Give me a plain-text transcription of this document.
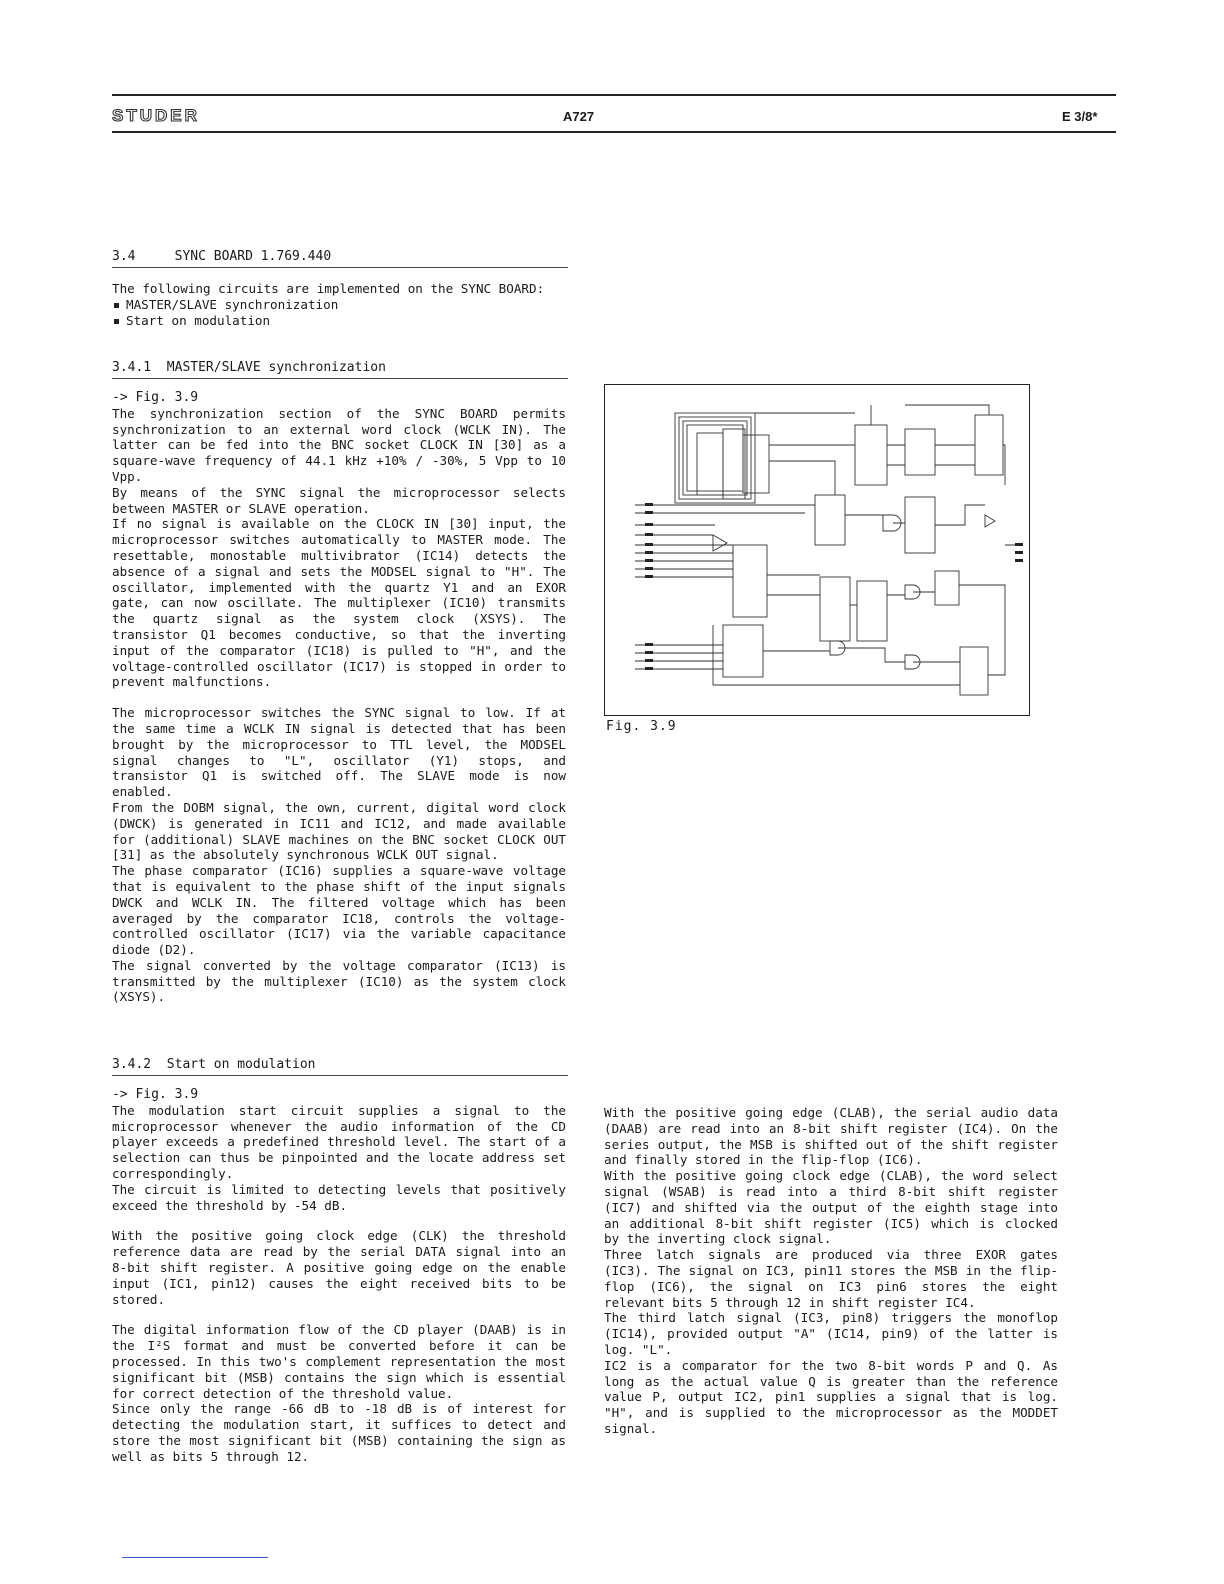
STUDER	A727	E 3/8*
3.4	SYNC BOARD 1.769.440

The following circuits are implemented on the SYNC BOARD:

MASTER/SLAVE synchronization
Start on modulation
3.4.1  MASTER/SLAVE synchronization
-> Fig. 3.9

The synchronization section of the SYNC BOARD permits synchronization to an external word clock (WCLK IN). The latter can be fed into the BNC socket CLOCK IN [30] as a square-wave frequency of 44.1 kHz +10% / -30%, 5 Vpp to 10 Vpp.

By means of the SYNC signal the microprocessor selects between MASTER or SLAVE operation.

If no signal is available on the CLOCK IN [30] input, the microprocessor switches automatically to MASTER mode. The resettable, monostable multivibrator (IC14) detects the absence of a signal and sets the MODSEL signal to "H". The oscillator, implemented with the quartz Y1 and an EXOR gate, can now oscillate. The multiplexer (IC10) transmits the quartz signal as the system clock (XSYS). The transistor Q1 becomes conductive, so that the inverting input of the comparator (IC18) is pulled to "H", and the voltage-controlled oscillator (IC17) is stopped in order to prevent malfunctions.

The microprocessor switches the SYNC signal to low. If at the same time a WCLK IN signal is detected that has been brought by the microprocessor to TTL level, the MODSEL signal changes to "L", oscillator (Y1) stops, and transistor Q1 is switched off. The SLAVE mode is now enabled.

From the DOBM signal, the own, current, digital word clock (DWCK) is generated in IC11 and IC12, and made available for (additional) SLAVE machines on the BNC socket CLOCK OUT [31] as the absolutely synchronous WCLK OUT signal.

The phase comparator (IC16) supplies a square-wave voltage that is equivalent to the phase shift of the input signals DWCK and WCLK IN. The filtered voltage which has been averaged by the comparator IC18, controls the voltage-controlled oscillator (IC17) via the variable capacitance diode (D2).

The signal converted by the voltage comparator (IC13) is transmitted by the multiplexer (IC10) as the system clock (XSYS).

Fig. 3.9
3.4.2  Start on modulation
-> Fig. 3.9

The modulation start circuit supplies a signal to the microprocessor whenever the audio information of the CD player exceeds a predefined threshold level. The start of a selection can thus be pinpointed and the locate address set correspondingly.

The circuit is limited to detecting levels that positively exceed the threshold by -54 dB.

With the positive going clock edge (CLK) the threshold reference data are read by the serial DATA signal into an 8-bit shift register. A positive going edge on the enable input (IC1, pin12) causes the eight received bits to be stored.

The digital information flow of the CD player (DAAB) is in the I²S format and must be converted before it can be processed. In this two's complement representation the most significant bit (MSB) contains the sign which is essential for correct detection of the threshold value.

Since only the range -66 dB to -18 dB is of interest for detecting the modulation start, it suffices to detect and store the most significant bit (MSB) containing the sign as well as bits 5 through 12.

With the positive going edge (CLAB), the serial audio data (DAAB) are read into an 8-bit shift register (IC4). On the series output, the MSB is shifted out of the shift register and finally stored in the flip-flop (IC6).

With the positive going clock edge (CLAB), the word select signal (WSAB) is read into a third 8-bit shift register (IC7) and shifted via the output of the eighth stage into an additional 8-bit shift register (IC5) which is clocked by the inverting clock signal.

Three latch signals are produced via three EXOR gates (IC3). The signal on IC3, pin11 stores the MSB in the flip-flop (IC6), the signal on IC3 pin6 stores the eight relevant bits 5 through 12 in shift register IC4.

The third latch signal (IC3, pin8) triggers the monoflop (IC14), provided output "A" (IC14, pin9) of the latter is log. "L".

IC2 is a comparator for the two 8-bit words P and Q. As long as the actual value Q is greater than the reference value P, output IC2, pin1 supplies a signal that is log. "H", and is supplied to the microprocessor as the MODDET signal.
